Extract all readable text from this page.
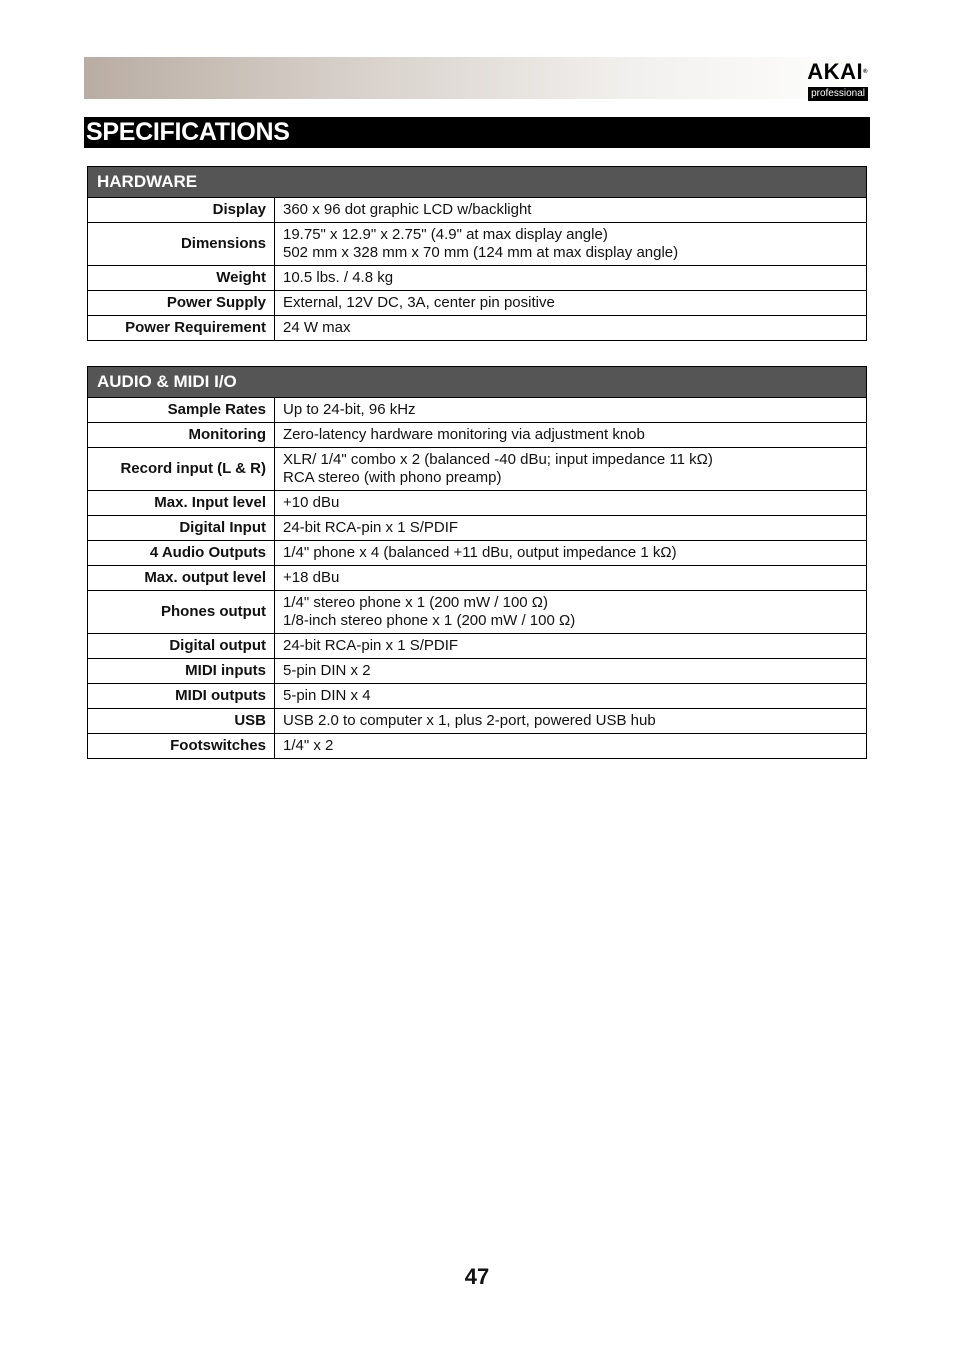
AKAI®
professional
SPECIFICATIONS
HARDWARE	
Display	360 x 96 dot graphic LCD w/backlight

Dimensions	19.75" x 12.9" x 2.75" (4.9" at max display angle)
502 mm x 328 mm x 70 mm (124 mm at max display angle)

Weight	10.5 lbs. / 4.8 kg

Power Supply	External, 12V DC, 3A, center pin positive

Power Requirement	24 W max
AUDIO & MIDI I/O	
Sample Rates	Up to 24-bit, 96 kHz

Monitoring	Zero-latency hardware monitoring via adjustment knob

Record input (L & R)	XLR/ 1/4" combo x 2 (balanced -40 dBu; input impedance 11 kΩ)
RCA stereo (with phono preamp)

Max. Input level	+10 dBu

Digital Input	24-bit RCA-pin x 1 S/PDIF

4 Audio Outputs	1/4" phone x 4 (balanced +11 dBu, output impedance 1 kΩ)

Max. output level	+18 dBu

Phones output	1/4" stereo phone x 1 (200 mW / 100 Ω)
1/8-inch stereo phone x 1 (200 mW / 100 Ω)

Digital output	24-bit RCA-pin x 1 S/PDIF

MIDI inputs	5-pin DIN x 2

MIDI outputs	5-pin DIN x 4

USB	USB 2.0 to computer x 1, plus 2-port, powered USB hub

Footswitches	1/4" x 2
47
